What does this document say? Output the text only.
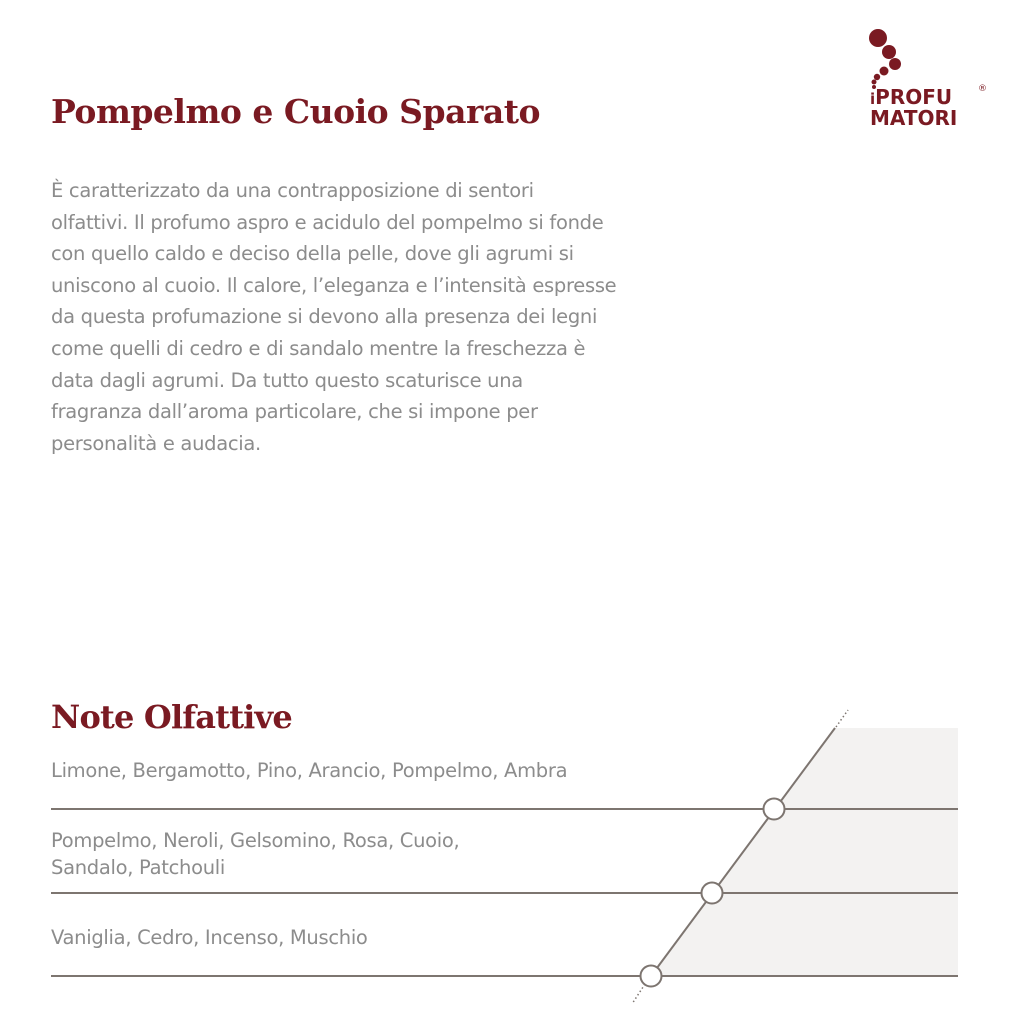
Pompelmo e Cuoio Sparato	iPROFU
MATORI
®
È caratterizzato da una contrapposizione di sentori
olfattivi. Il profumo aspro e acidulo del pompelmo si fonde
con quello caldo e deciso della pelle, dove gli agrumi si
uniscono al cuoio. Il calore, l’eleganza e l’intensità espresse
da questa profumazione si devono alla presenza dei legni
come quelli di cedro e di sandalo mentre la freschezza è
data dagli agrumi. Da tutto questo scaturisce una
fragranza dall’aroma particolare, che si impone per
personalità e audacia.
Note Olfattive
Limone, Bergamotto, Pino, Arancio, Pompelmo, Ambra
Pompelmo, Neroli, Gelsomino, Rosa, Cuoio,
Sandalo, Patchouli
Vaniglia, Cedro, Incenso, Muschio
